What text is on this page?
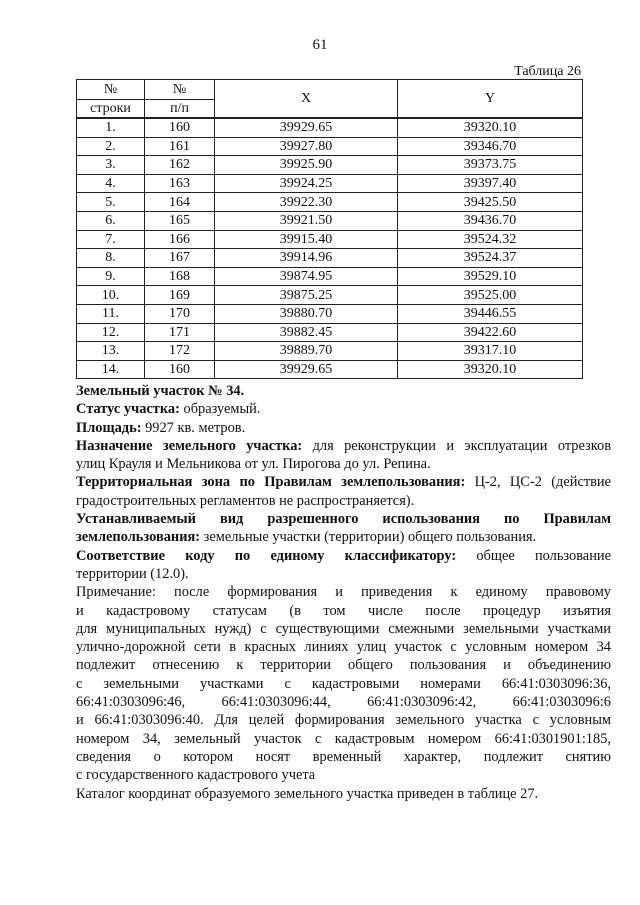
61
Таблица 26
№	№	X	Y
строки	п/п		
1.	160	39929.65	39320.10
2.	161	39927.80	39346.70
3.	162	39925.90	39373.75
4.	163	39924.25	39397.40
5.	164	39922.30	39425.50
6.	165	39921.50	39436.70
7.	166	39915.40	39524.32
8.	167	39914.96	39524.37
9.	168	39874.95	39529.10
10.	169	39875.25	39525.00
11.	170	39880.70	39446.55
12.	171	39882.45	39422.60
13.	172	39889.70	39317.10
14.	160	39929.65	39320.10

Земельный участок № 34.

Статус участка: образуемый.

Площадь: 9927 кв. метров.

Назначение земельного участка: для реконструкции и эксплуатации отрезков
улиц Крауля и Мельникова от ул. Пирогова до ул. Репина.

Территориальная зона по Правилам землепользования: Ц-2, ЦС-2 (действие
градостроительных регламентов не распространяется).

Устанавливаемый вид разрешенного использования по Правилам
землепользования: земельные участки (территории) общего пользования.

Соответствие коду по единому классификатору: общее пользование
территории (12.0).

Примечание: после формирования и приведения к единому правовому
и кадастровому статусам (в том числе после процедур изъятия
для муниципальных нужд) с существующими смежными земельными участками
улично-дорожной сети в красных линиях улиц участок с условным номером 34
подлежит отнесению к территории общего пользования и объединению
с земельными участками с кадастровыми номерами 66:41:0303096:36,
66:41:0303096:46, 66:41:0303096:44, 66:41:0303096:42, 66:41:0303096:6
и 66:41:0303096:40. Для целей формирования земельного участка с условным
номером 34, земельный участок с кадастровым номером 66:41:0301901:185,
сведения о котором носят временный характер, подлежит снятию
с государственного кадастрового учета

Каталог координат образуемого земельного участка приведен в таблице 27.
